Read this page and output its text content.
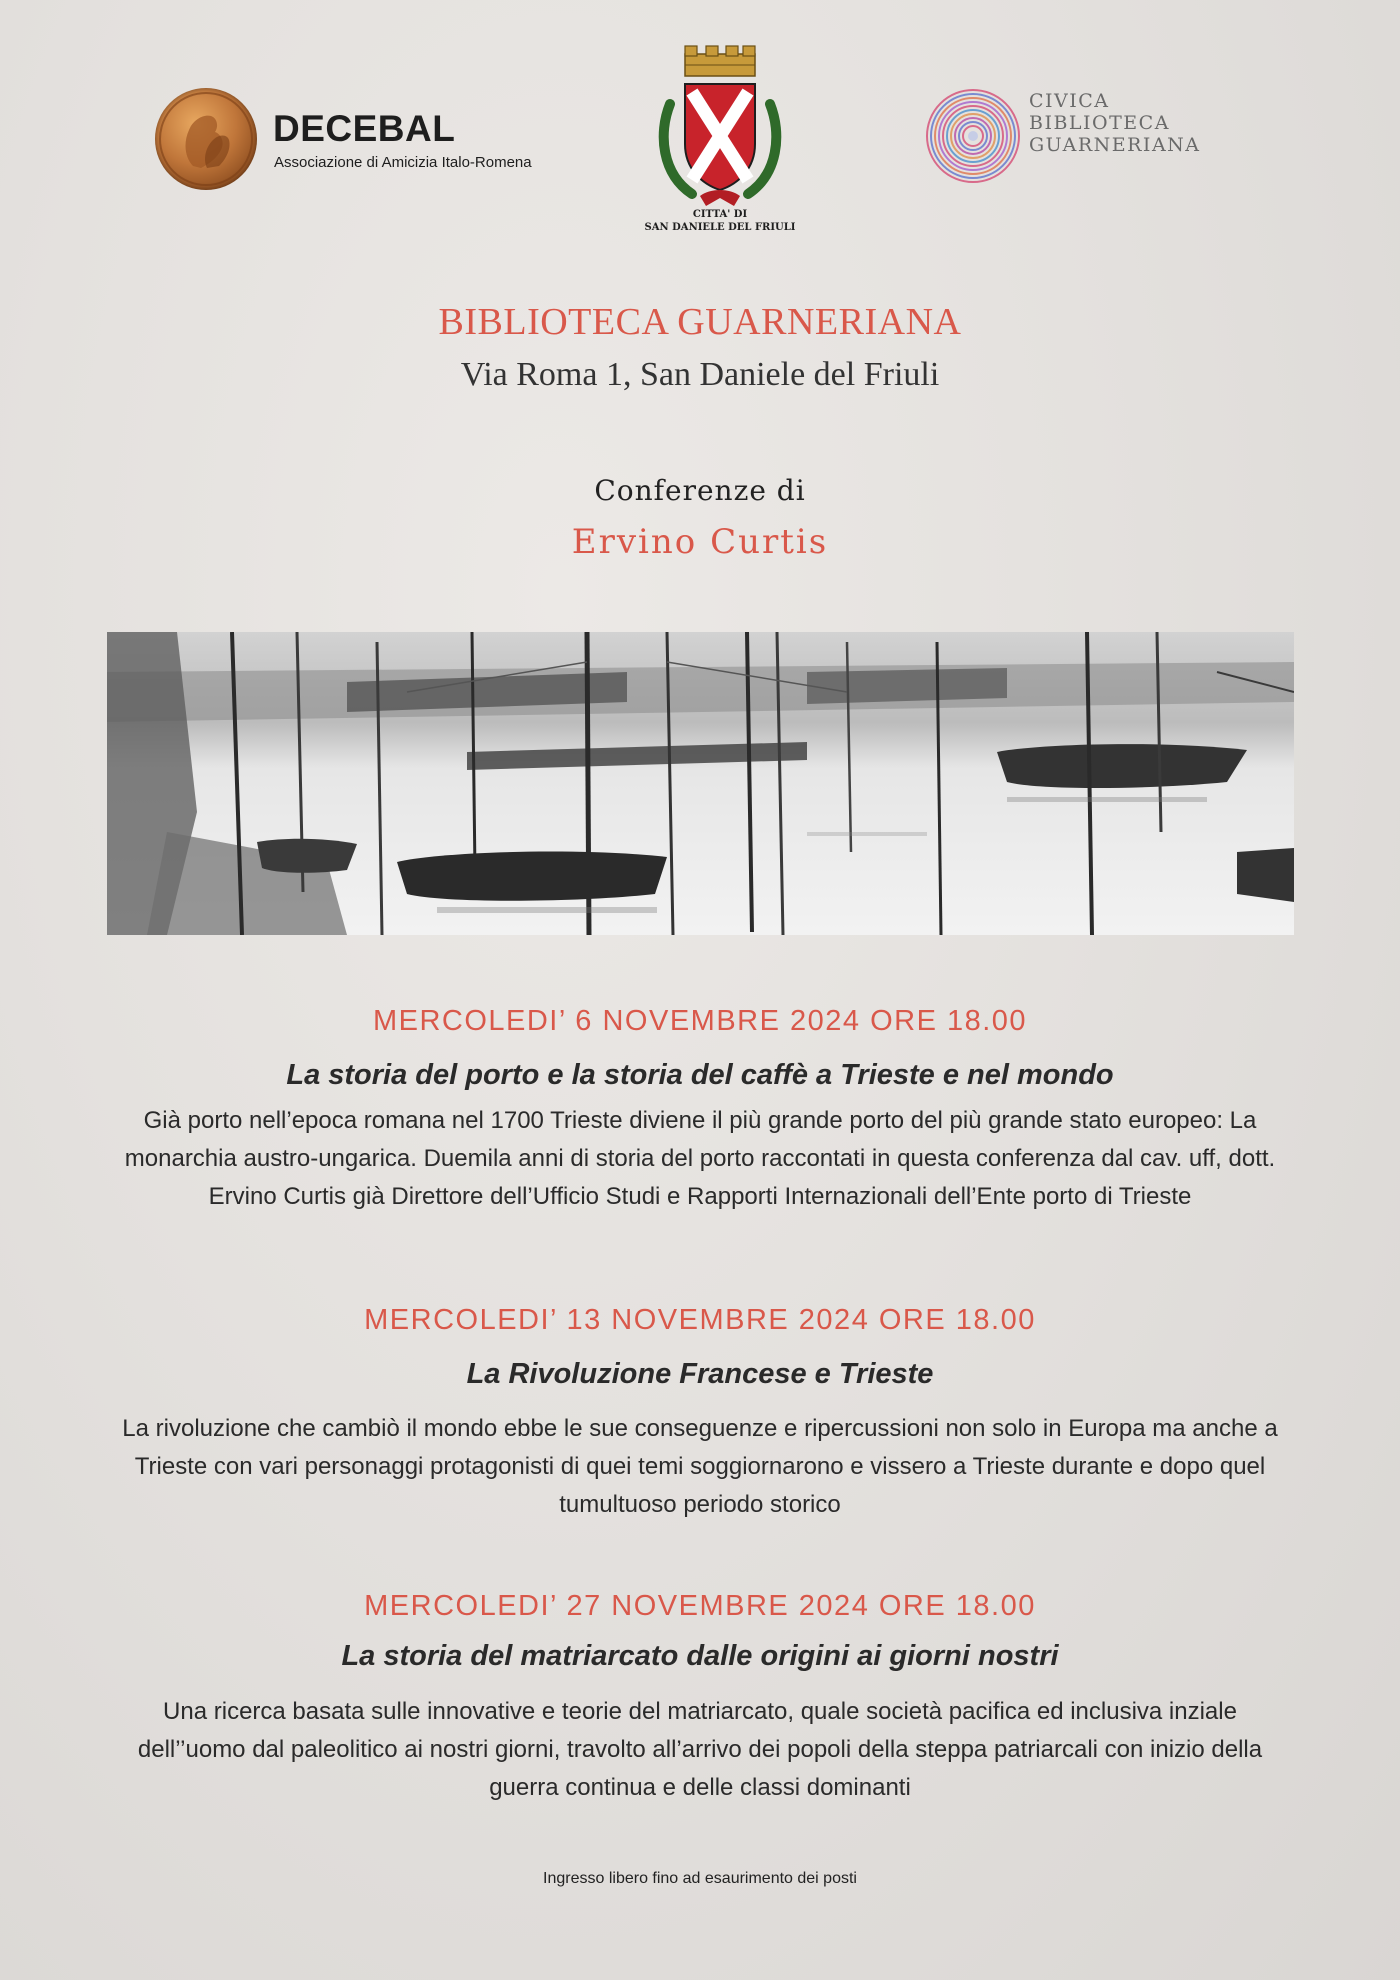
DECEBAL
Associazione di Amicizia Italo-Romena
CITTA' DI
SAN DANIELE DEL FRIULI
CIVICA
BIBLIOTECA
GUARNERIANA
BIBLIOTECA GUARNERIANA
Via Roma 1, San Daniele del Friuli
Conferenze di
Ervino Curtis
MERCOLEDI’ 6 NOVEMBRE 2024 ORE 18.00
La storia del porto e la storia del caffè a Trieste e nel mondo

Già porto nell’epoca romana nel 1700 Trieste diviene il più grande porto del più grande stato europeo: La monarchia austro-ungarica. Duemila anni di storia del porto raccontati in questa conferenza dal cav. uff, dott. Ervino Curtis già Direttore dell’Ufficio Studi e Rapporti Internazionali dell’Ente porto di Trieste

MERCOLEDI’ 13 NOVEMBRE 2024 ORE 18.00
La Rivoluzione Francese e Trieste

La rivoluzione che cambiò il mondo ebbe le sue conseguenze e ripercussioni non solo in Europa ma anche a Trieste con vari personaggi protagonisti di quei temi soggiornarono e vissero a Trieste durante e dopo quel tumultuoso periodo storico

MERCOLEDI’ 27 NOVEMBRE 2024 ORE 18.00
La storia del matriarcato dalle origini ai giorni nostri

Una ricerca basata sulle innovative e teorie del matriarcato, quale società pacifica ed inclusiva inziale dell’’uomo dal paleolitico ai nostri giorni, travolto all’arrivo dei popoli della steppa patriarcali con inizio della guerra continua e delle classi dominanti

Ingresso libero fino ad esaurimento dei posti
